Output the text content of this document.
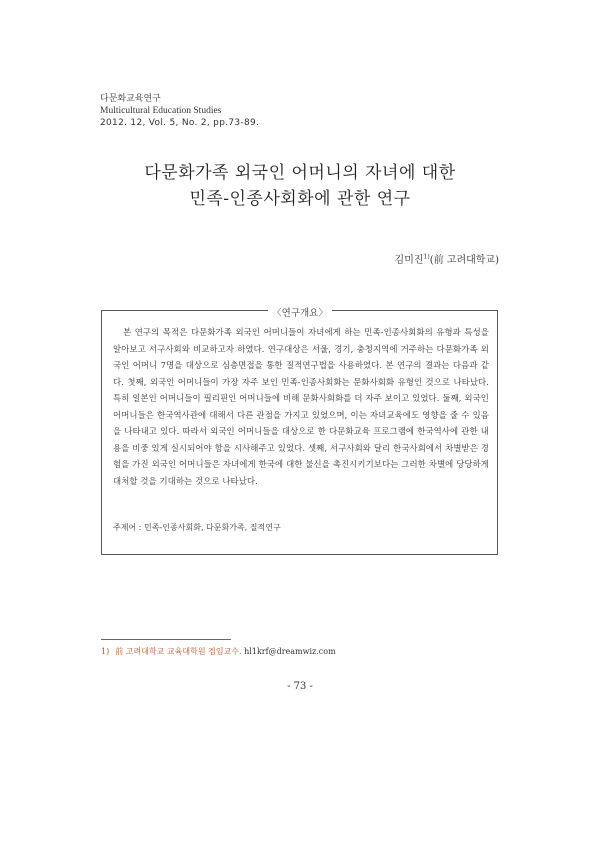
다문화교육연구
Multicultural Education Studies
2012. 12, Vol. 5, No. 2, pp.73-89.
다문화가족 외국인 어머니의 자녀에 대한
민족-인종사회화에 관한 연구
김미진$^{1)}$(前 고려대학교)
〈연구개요〉
본 연구의 목적은 다문화가족 외국인 어머니들이 자녀에게 하는 민족-인종사회화의 유형과 특성을 알아보고 서구사회와 비교하고자 하였다. 연구대상은 서울, 경기, 충청지역에 거주하는 다문화가족 외국인 어머니 7명을 대상으로 심층면접을 통한 질적연구법을 사용하였다. 본 연구의 결과는 다음과 같다. 첫째, 외국인 어머니들이 가장 자주 보인 민족-인종사회화는 문화사회화 유형인 것으로 나타났다. 특히 일본인 어머니들이 필리핀인 어머니들에 비해 문화사회화를 더 자주 보이고 있었다. 둘째, 외국인 어머니들은 한국역사관에 대해서 다른 관점을 가지고 있었으며, 이는 자녀교육에도 영향을 줄 수 있음을 나타내고 있다. 따라서 외국인 어머니들을 대상으로 한 다문화교육 프로그램에 한국역사에 관한 내용을 비중 있게 실시되어야 함을 시사해주고 있었다. 셋째, 서구사회와 달리 한국사회에서 차별받은 경험을 가진 외국인 어머니들은 자녀에게 한국에 대한 불신을 촉진시키기보다는 그러한 차별에 당당하게 대처할 것을 기대하는 것으로 나타났다.
주제어 : 민족-인종사회화, 다문화가족, 질적연구
1) 前 고려대학교 교육대학원 겸임교수. hl1krf@dreamwiz.com
- 73 -
